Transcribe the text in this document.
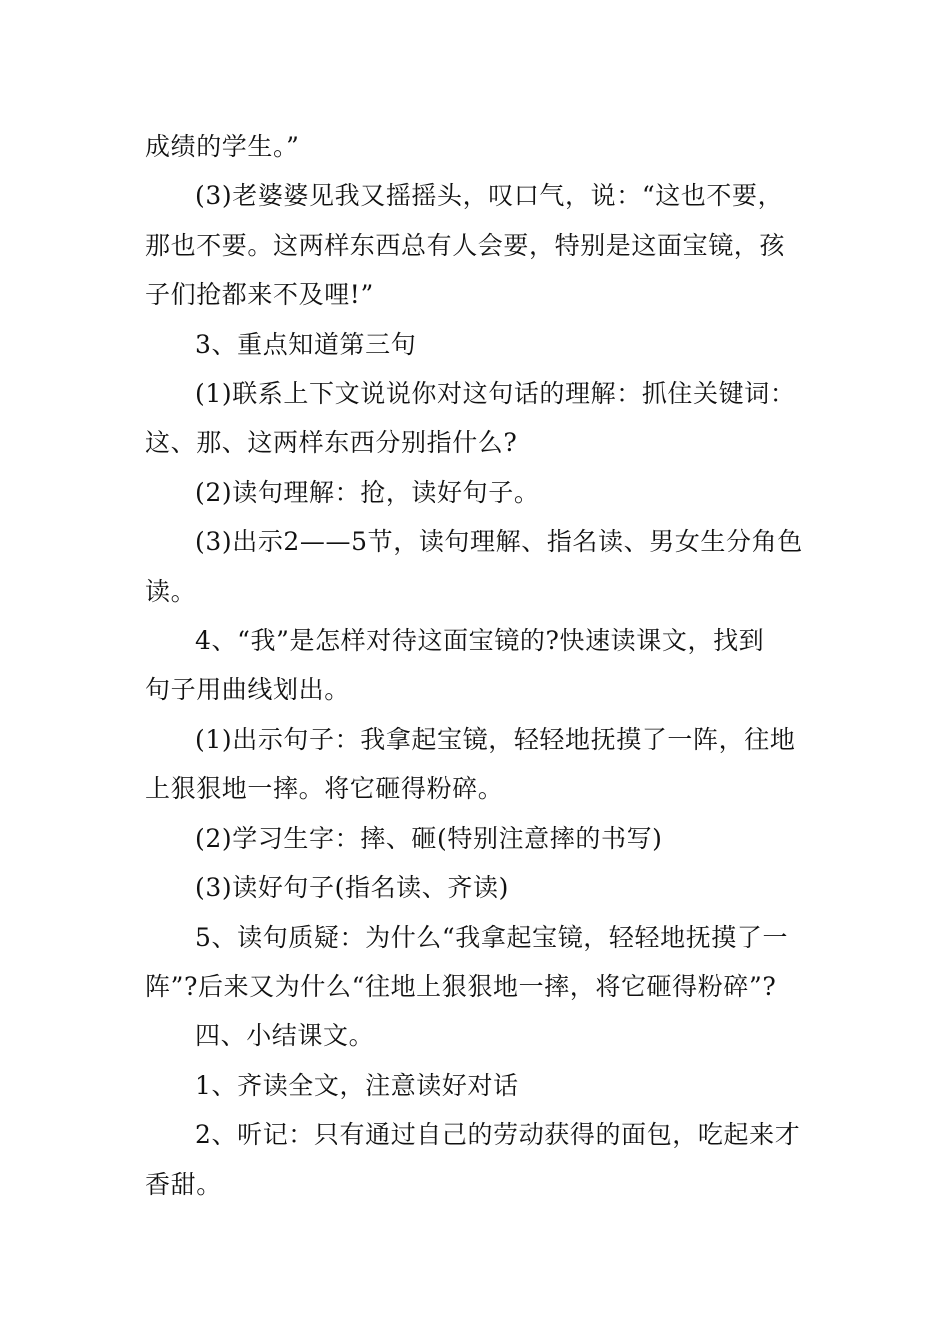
成绩的学生。”

(3)老婆婆见我又摇摇头，叹口气，说：“这也不要，

那也不要。这两样东西总有人会要，特别是这面宝镜，孩

子们抢都来不及哩!”

3、重点知道第三句

(1)联系上下文说说你对这句话的理解：抓住关键词：

这、那、这两样东西分别指什么?

(2)读句理解：抢，读好句子。

(3)出示2——5节，读句理解、指名读、男女生分角色

读。

4、“我”是怎样对待这面宝镜的?快速读课文，找到

句子用曲线划出。

(1)出示句子：我拿起宝镜，轻轻地抚摸了一阵，往地

上狠狠地一摔。将它砸得粉碎。

(2)学习生字：摔、砸(特别注意摔的书写)

(3)读好句子(指名读、齐读)

5、读句质疑：为什么“我拿起宝镜，轻轻地抚摸了一

阵”?后来又为什么“往地上狠狠地一摔，将它砸得粉碎”?

四、小结课文。

1、齐读全文，注意读好对话

2、听记：只有通过自己的劳动获得的面包，吃起来才

香甜。
